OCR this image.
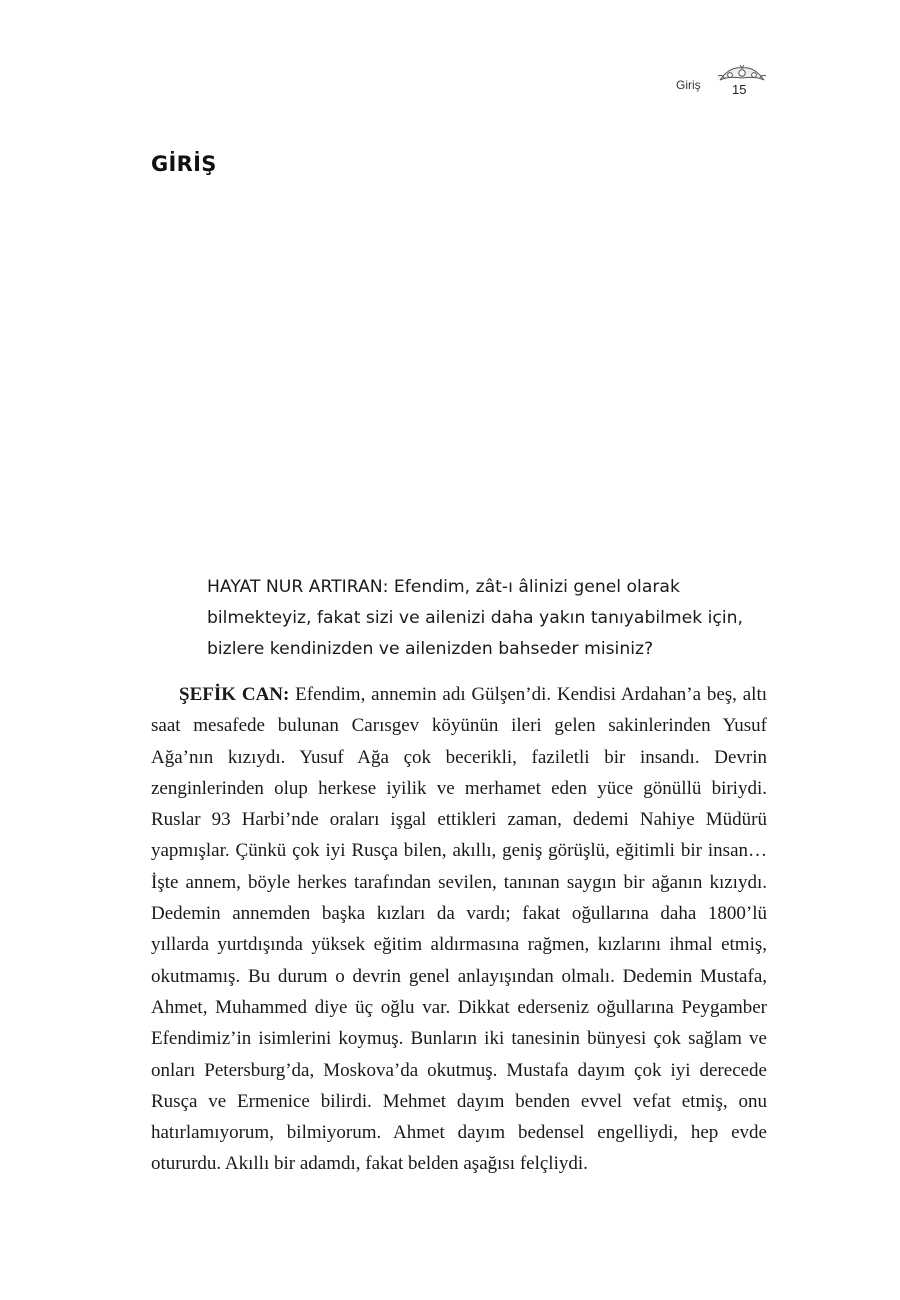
Giriş 15
GİRİŞ

HAYAT NUR ARTIRAN: Efendim, zât-ı âlinizi genel olarak bilmekteyiz, fakat sizi ve ailenizi daha yakın tanıyabilmek için, bizlere kendinizden ve ailenizden bahseder misiniz?

ŞEFİK CAN: Efendim, annemin adı Gülşen’di. Kendisi Ardahan’a beş, altı saat mesafede bulunan Carısgev köyünün ileri gelen sakinlerinden Yusuf Ağa’nın kızıydı. Yusuf Ağa çok becerikli, faziletli bir insandı. Devrin zenginlerinden olup herkese iyilik ve merhamet eden yüce gönüllü biriydi. Ruslar 93 Harbi’nde oraları işgal ettikleri zaman, dedemi Nahiye Müdürü yapmışlar. Çünkü çok iyi Rusça bilen, akıllı, geniş görüşlü, eğitimli bir insan… İşte annem, böyle herkes tarafından sevilen, tanınan saygın bir ağanın kızıydı. Dedemin annemden başka kızları da vardı; fakat oğullarına daha 1800’lü yıllarda yurtdışında yüksek eğitim aldırmasına rağmen, kızlarını ihmal etmiş, okutmamış. Bu durum o devrin genel anlayışından olmalı. Dedemin Mustafa, Ahmet, Muhammed diye üç oğlu var. Dikkat ederseniz oğullarına Peygamber Efendimiz’in isimlerini koymuş. Bunların iki tanesinin bünyesi çok sağlam ve onları Petersburg’da, Moskova’da okutmuş. Mustafa dayım çok iyi derecede Rusça ve Ermenice bilirdi. Mehmet dayım benden evvel vefat etmiş, onu hatırlamıyorum, bilmiyorum. Ahmet dayım bedensel engelliydi, hep evde otururdu. Akıllı bir adamdı, fakat belden aşağısı felçliydi.
